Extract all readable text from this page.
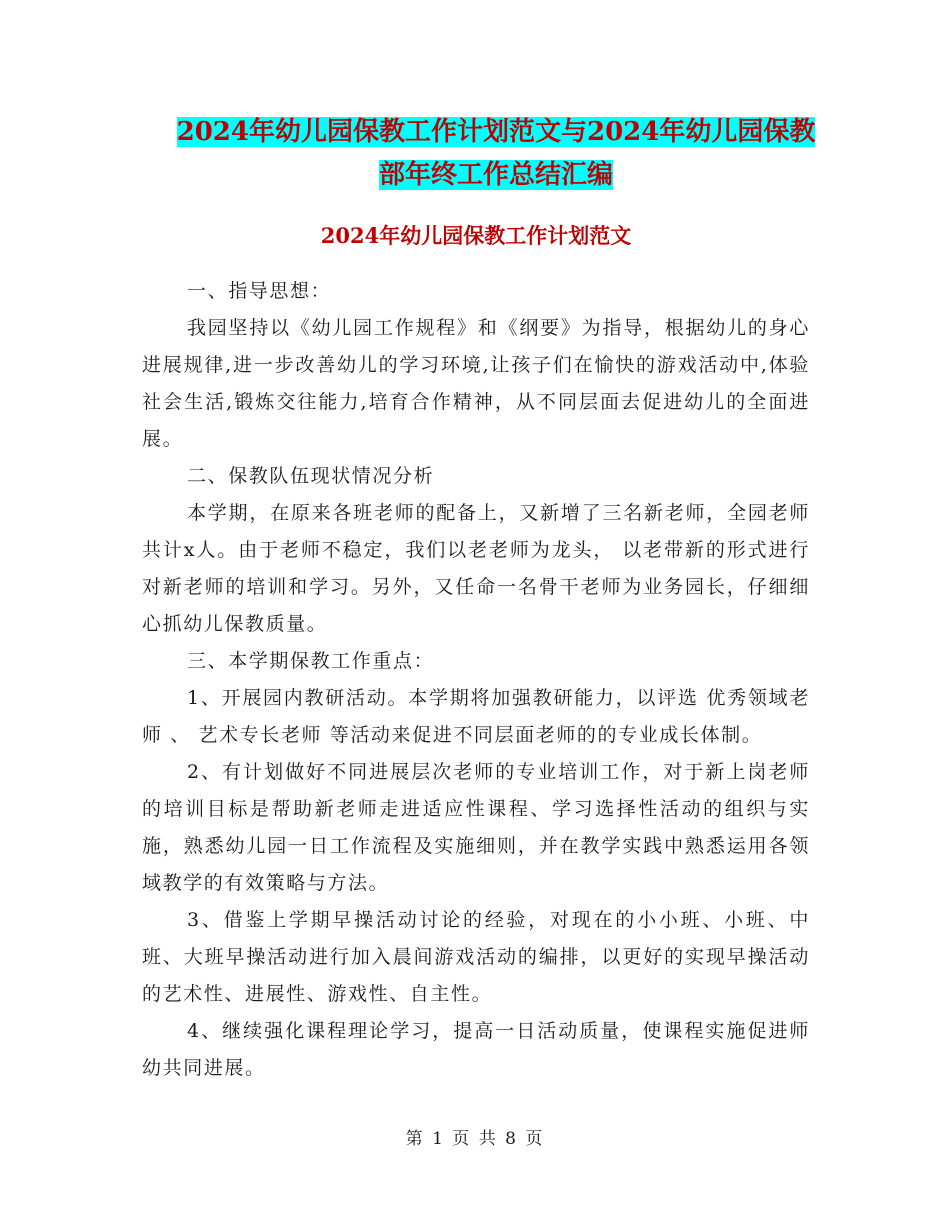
2024年幼儿园保教工作计划范文与2024年幼儿园保教
部年终工作总结汇编
2024年幼儿园保教工作计划范文

一、指导思想：

我园坚持以《幼儿园工作规程》和《纲要》为指导，根据幼儿的身心进展规律,进一步改善幼儿的学习环境,让孩子们在愉快的游戏活动中,体验社会生活,锻炼交往能力,培育合作精神，从不同层面去促进幼儿的全面进展。

二、保教队伍现状情况分析

本学期，在原来各班老师的配备上，又新增了三名新老师，全园老师共计x人。由于老师不稳定，我们以老老师为龙头， 以老带新的形式进行对新老师的培训和学习。另外，又任命一名骨干老师为业务园长，仔细细心抓幼儿保教质量。

三、本学期保教工作重点：

1、开展园内教研活动。本学期将加强教研能力，以评选 优秀领域老师 、 艺术专长老师 等活动来促进不同层面老师的的专业成长体制。

2、有计划做好不同进展层次老师的专业培训工作，对于新上岗老师的培训目标是帮助新老师走进适应性课程、学习选择性活动的组织与实施，熟悉幼儿园一日工作流程及实施细则，并在教学实践中熟悉运用各领域教学的有效策略与方法。

3、借鉴上学期早操活动讨论的经验，对现在的小小班、小班、中班、大班早操活动进行加入晨间游戏活动的编排，以更好的实现早操活动的艺术性、进展性、游戏性、自主性。

4、继续强化课程理论学习，提高一日活动质量，使课程实施促进师幼共同进展。

第 1 页 共 8 页
